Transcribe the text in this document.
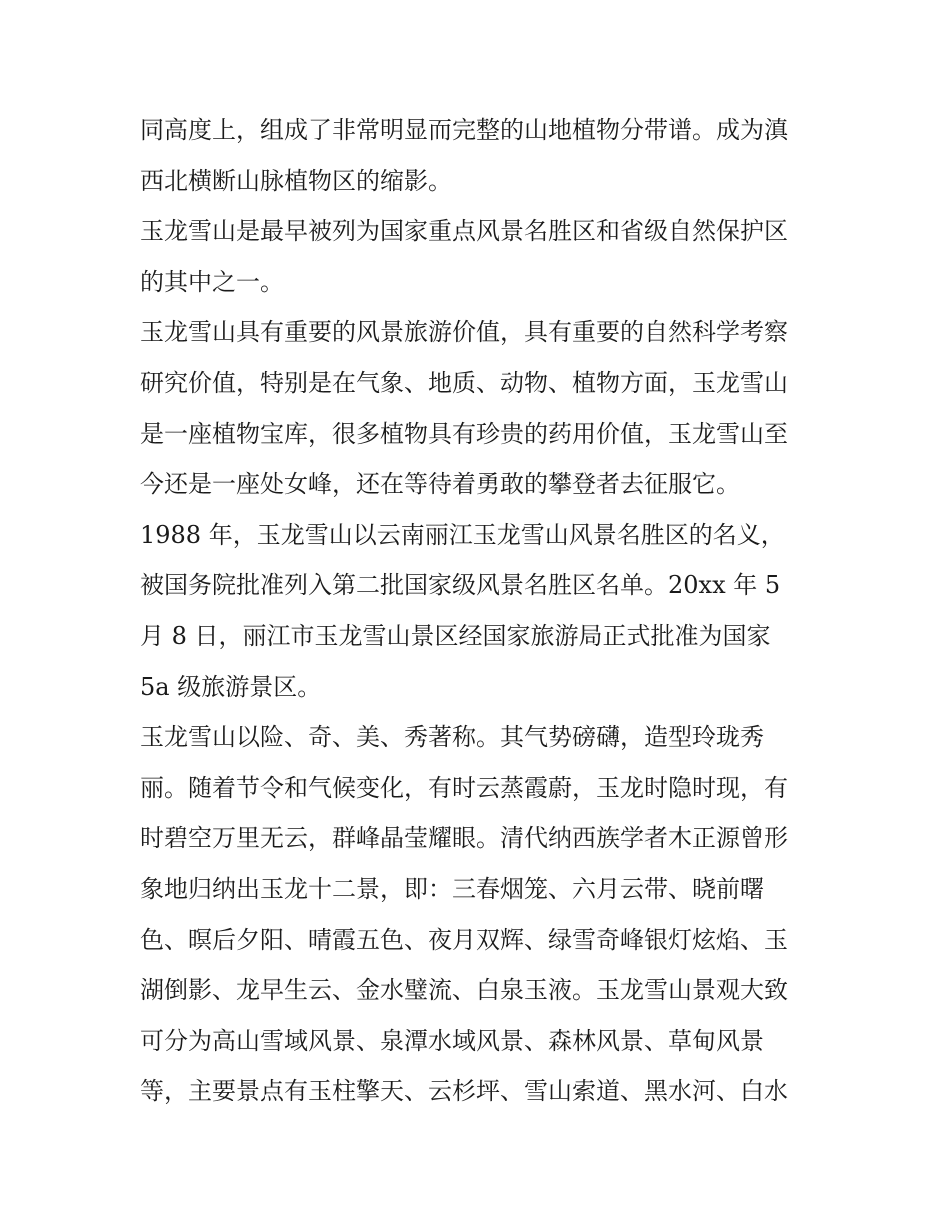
同高度上，组成了非常明显而完整的山地植物分带谱。成为滇
西北横断山脉植物区的缩影。
玉龙雪山是最早被列为国家重点风景名胜区和省级自然保护区
的其中之一。
玉龙雪山具有重要的风景旅游价值，具有重要的自然科学考察
研究价值，特别是在气象、地质、动物、植物方面，玉龙雪山
是一座植物宝库，很多植物具有珍贵的药用价值，玉龙雪山至
今还是一座处女峰，还在等待着勇敢的攀登者去征服它。
1988 年，玉龙雪山以云南丽江玉龙雪山风景名胜区的名义，
被国务院批准列入第二批国家级风景名胜区名单。20xx 年 5
月 8 日，丽江市玉龙雪山景区经国家旅游局正式批准为国家
5a 级旅游景区。
玉龙雪山以险、奇、美、秀著称。其气势磅礴，造型玲珑秀
丽。随着节令和气候变化，有时云蒸霞蔚，玉龙时隐时现，有
时碧空万里无云，群峰晶莹耀眼。清代纳西族学者木正源曾形
象地归纳出玉龙十二景，即：三春烟笼、六月云带、晓前曙
色、暝后夕阳、晴霞五色、夜月双辉、绿雪奇峰银灯炫焰、玉
湖倒影、龙早生云、金水璧流、白泉玉液。玉龙雪山景观大致
可分为高山雪域风景、泉潭水域风景、森林风景、草甸风景
等，主要景点有玉柱擎天、云杉坪、雪山索道、黑水河、白水
